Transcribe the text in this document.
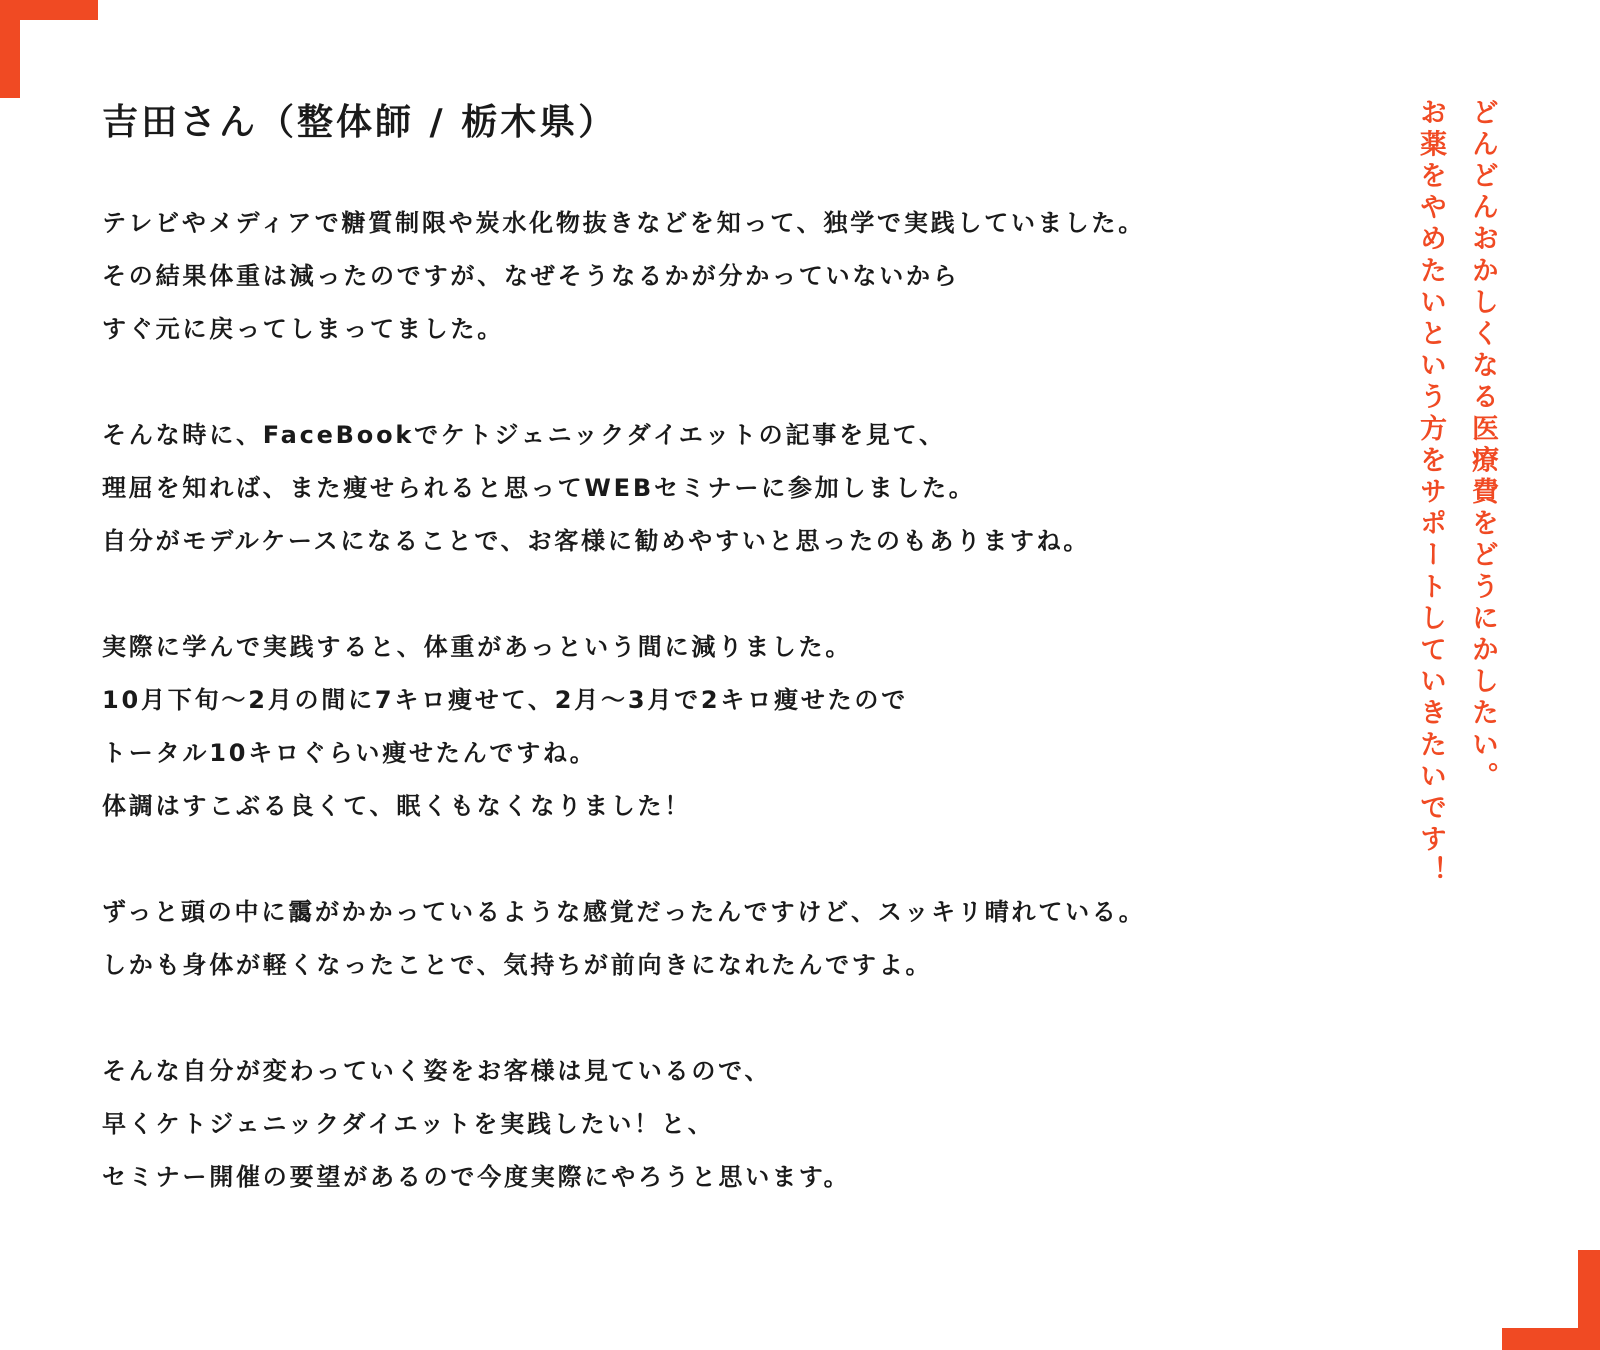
吉田さん（整体師 / 栃木県）
テレビやメディアで糖質制限や炭水化物抜きなどを知って、独学で実践していました。
その結果体重は減ったのですが、なぜそうなるかが分かっていないから
すぐ元に戻ってしまってました。
そんな時に、FaceBookでケトジェニックダイエットの記事を見て、
理屈を知れば、また痩せられると思ってWEBセミナーに参加しました。
自分がモデルケースになることで、お客様に勧めやすいと思ったのもありますね。
実際に学んで実践すると、体重があっという間に減りました。
10月下旬〜2月の間に7キロ痩せて、2月〜3月で2キロ痩せたので
トータル10キロぐらい痩せたんですね。
体調はすこぶる良くて、眠くもなくなりました！
ずっと頭の中に靄がかかっているような感覚だったんですけど、スッキリ晴れている。
しかも身体が軽くなったことで、気持ちが前向きになれたんですよ。
そんな自分が変わっていく姿をお客様は見ているので、
早くケトジェニックダイエットを実践したい！と、
セミナー開催の要望があるので今度実際にやろうと思います。
どんどんおかしくなる医療費をどうにかしたい。
お薬をやめたいという方をサポートしていきたいです！
